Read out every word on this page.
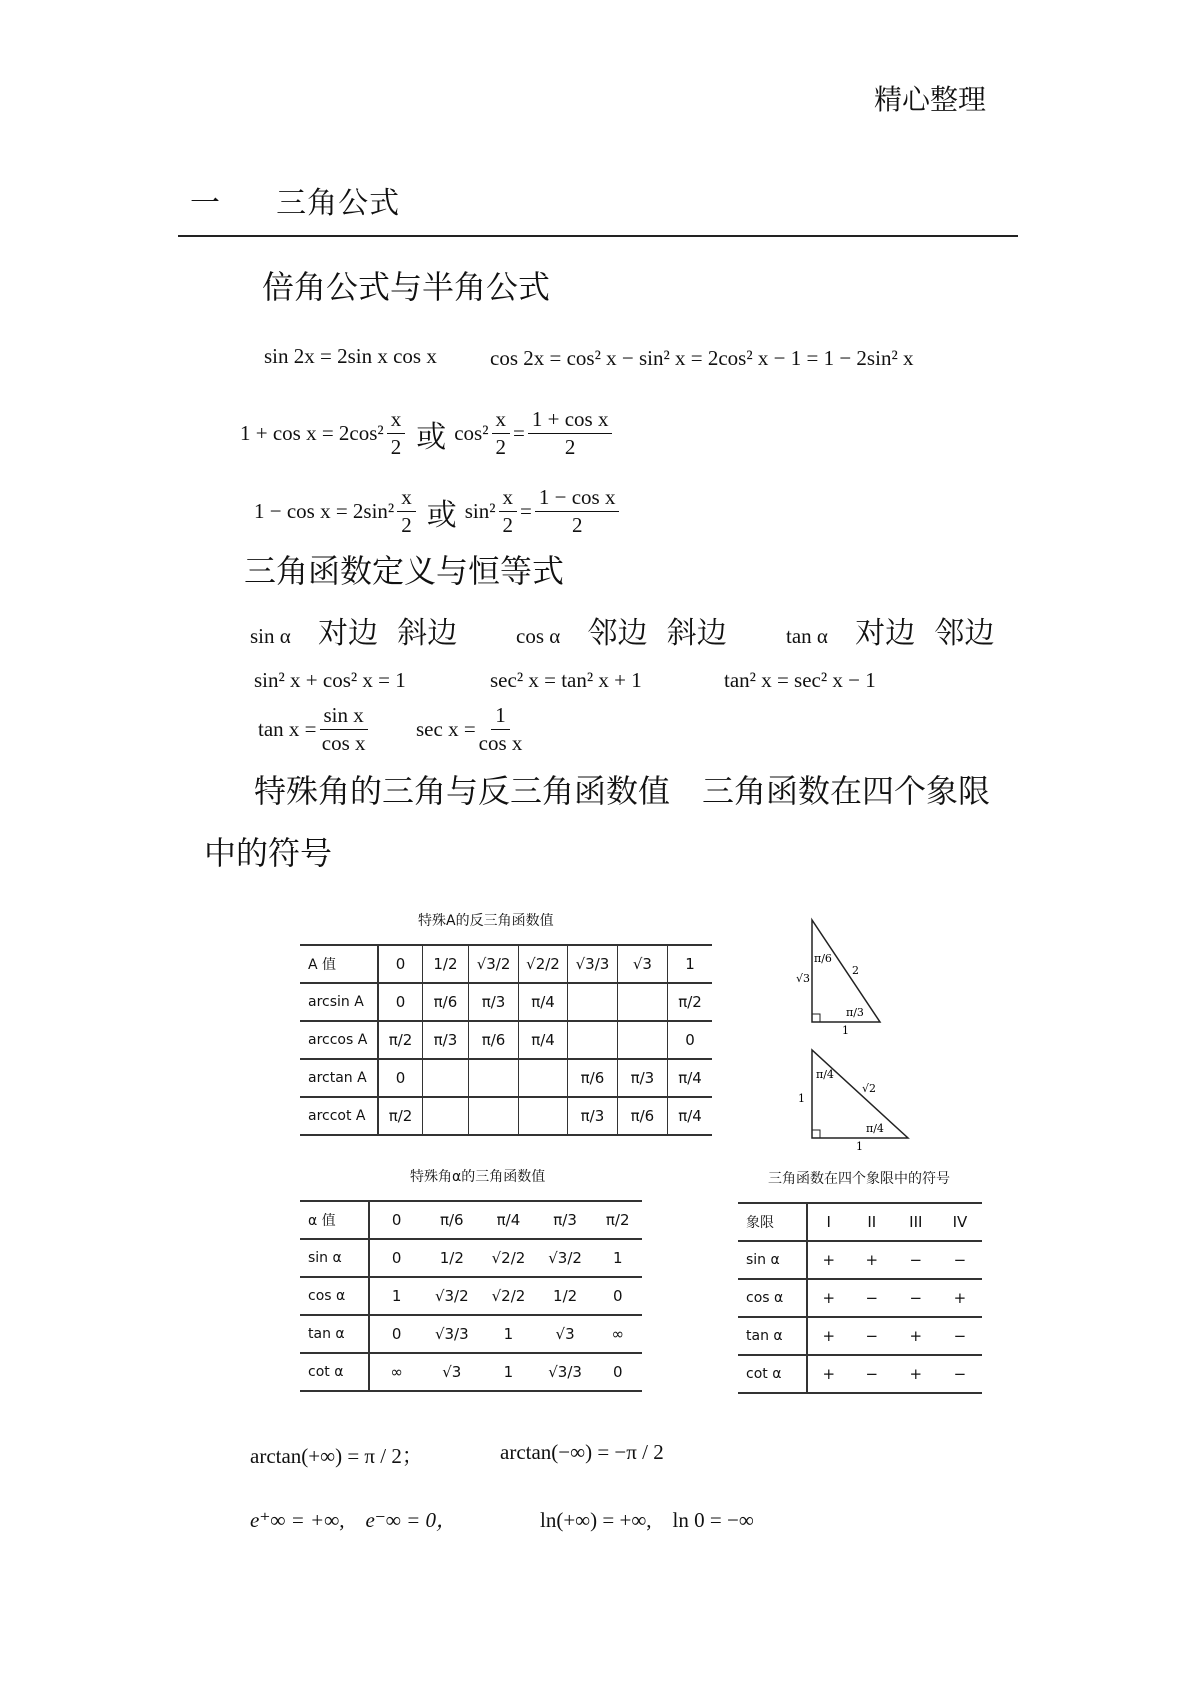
精心整理
一 三角公式
倍角公式与半角公式
sin 2x = 2sin x cos x	cos 2x = cos² x − sin² x = 2cos² x − 1 = 1 − 2sin² x
$1 + \cos x = 2\cos^2 \frac{x}{2}$ 或 $\cos^2 \frac{x}{2} = \frac{\text{1 + cos x}}{2}$
$1 - \cos x = 2\sin^2 \frac{x}{2}$ 或 $\sin^2 \frac{x}{2} = \frac{\text{1 − cos x}}{2}$
三角函数定义与恒等式
sin α 对边 斜边	cos α 邻边 斜边	tan α 对边 邻边
sin² x + cos² x = 1	sec² x = tan² x + 1	tan² x = sec² x − 1
$\tan x = \frac{\text{sin x}}{\text{cos x}}$ $\sec x = \frac{1}{\text{cos x}}$
特殊角的三角与反三角函数值　三角函数在四个象限
中的符号
特殊A的反三角函数值
A 值	0	1/2	√3/2	√2/2	√3/3	√3	1
arcsin A	0	π/6	π/3	π/4			π/2
arccos A	π/2	π/3	π/6	π/4			0
arctan A	0				π/6	π/3	π/4
arccot A	π/2				π/3	π/6	π/4
√3
2
1
π/6
π/3
1
√2
1
π/4
π/4
特殊角α的三角函数值
α 值	0	π/6	π/4	π/3	π/2
sin α	0	1/2	√2/2	√3/2	1
cos α	1	√3/2	√2/2	1/2	0
tan α	0	√3/3	1	√3	∞
cot α	∞	√3	1	√3/3	0
三角函数在四个象限中的符号
象限	I	II	III	IV
sin α	+	+	−	−
cos α	+	−	−	+
tan α	+	−	+	−
cot α	+	−	+	−
arctan(+∞) = π / 2；	arctan(−∞) = −π / 2
e⁺∞ = +∞,　e⁻∞ = 0，	ln(+∞) = +∞,　ln 0 = −∞
